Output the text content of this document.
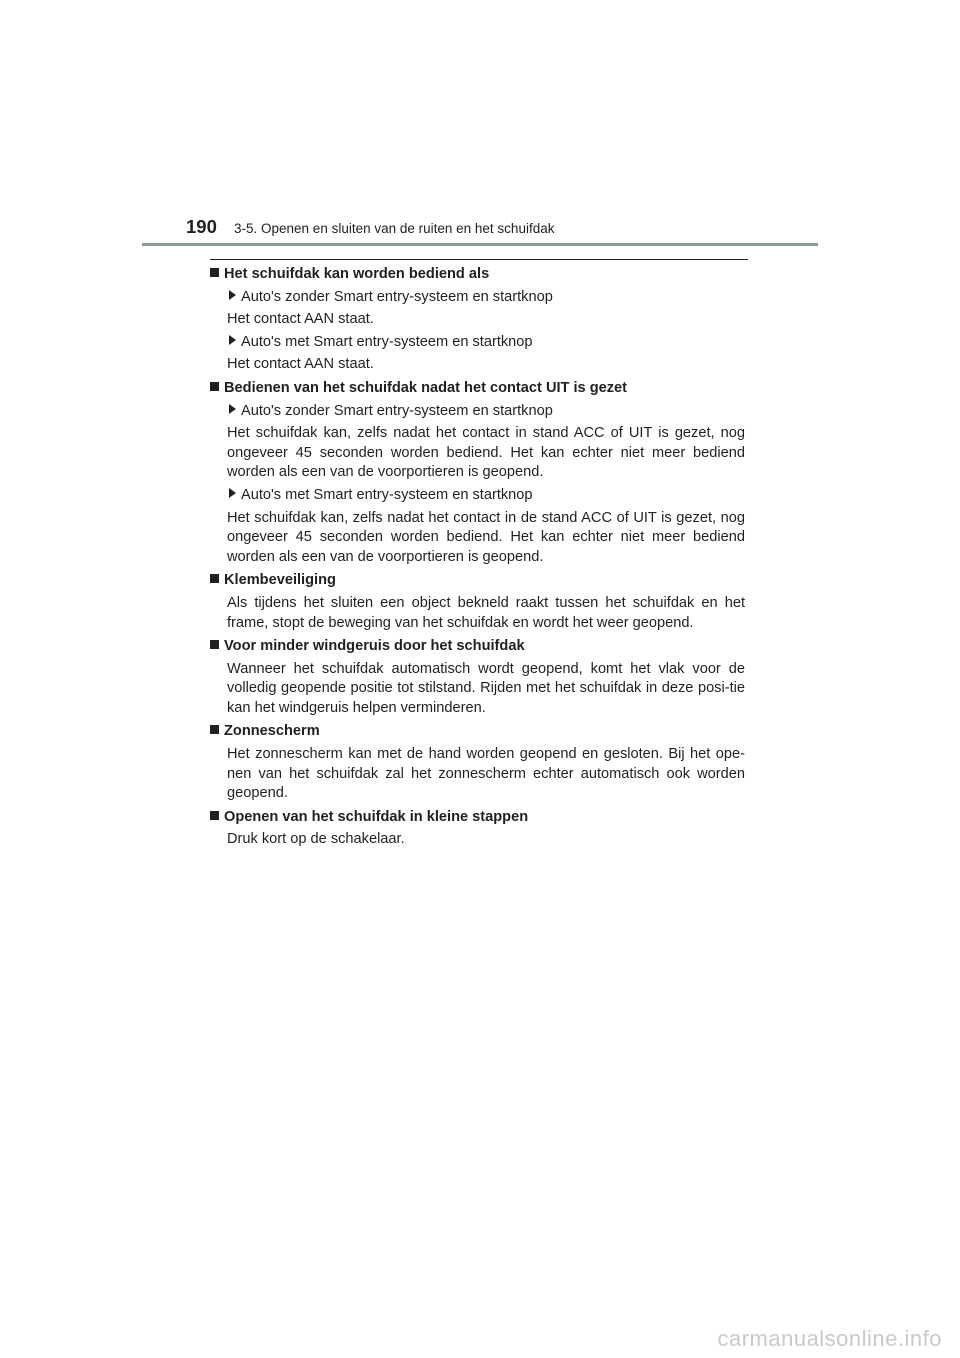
190 3-5. Openen en sluiten van de ruiten en het schuifdak
Het schuifdak kan worden bediend als
Auto's zonder Smart entry-systeem en startknop
Het contact AAN staat.
Auto's met Smart entry-systeem en startknop
Het contact AAN staat.
Bedienen van het schuifdak nadat het contact UIT is gezet
Auto's zonder Smart entry-systeem en startknop
Het schuifdak kan, zelfs nadat het contact in stand ACC of UIT is gezet, nog ongeveer 45 seconden worden bediend. Het kan echter niet meer bediend worden als een van de voorportieren is geopend.
Auto's met Smart entry-systeem en startknop
Het schuifdak kan, zelfs nadat het contact in de stand ACC of UIT is gezet, nog ongeveer 45 seconden worden bediend. Het kan echter niet meer bediend worden als een van de voorportieren is geopend.
Klembeveiliging
Als tijdens het sluiten een object bekneld raakt tussen het schuifdak en het frame, stopt de beweging van het schuifdak en wordt het weer geopend.
Voor minder windgeruis door het schuifdak
Wanneer het schuifdak automatisch wordt geopend, komt het vlak voor de volledig geopende positie tot stilstand. Rijden met het schuifdak in deze posi-tie kan het windgeruis helpen verminderen.
Zonnescherm
Het zonnescherm kan met de hand worden geopend en gesloten. Bij het ope-nen van het schuifdak zal het zonnescherm echter automatisch ook worden geopend.
Openen van het schuifdak in kleine stappen
Druk kort op de schakelaar.
carmanualsonline.info
